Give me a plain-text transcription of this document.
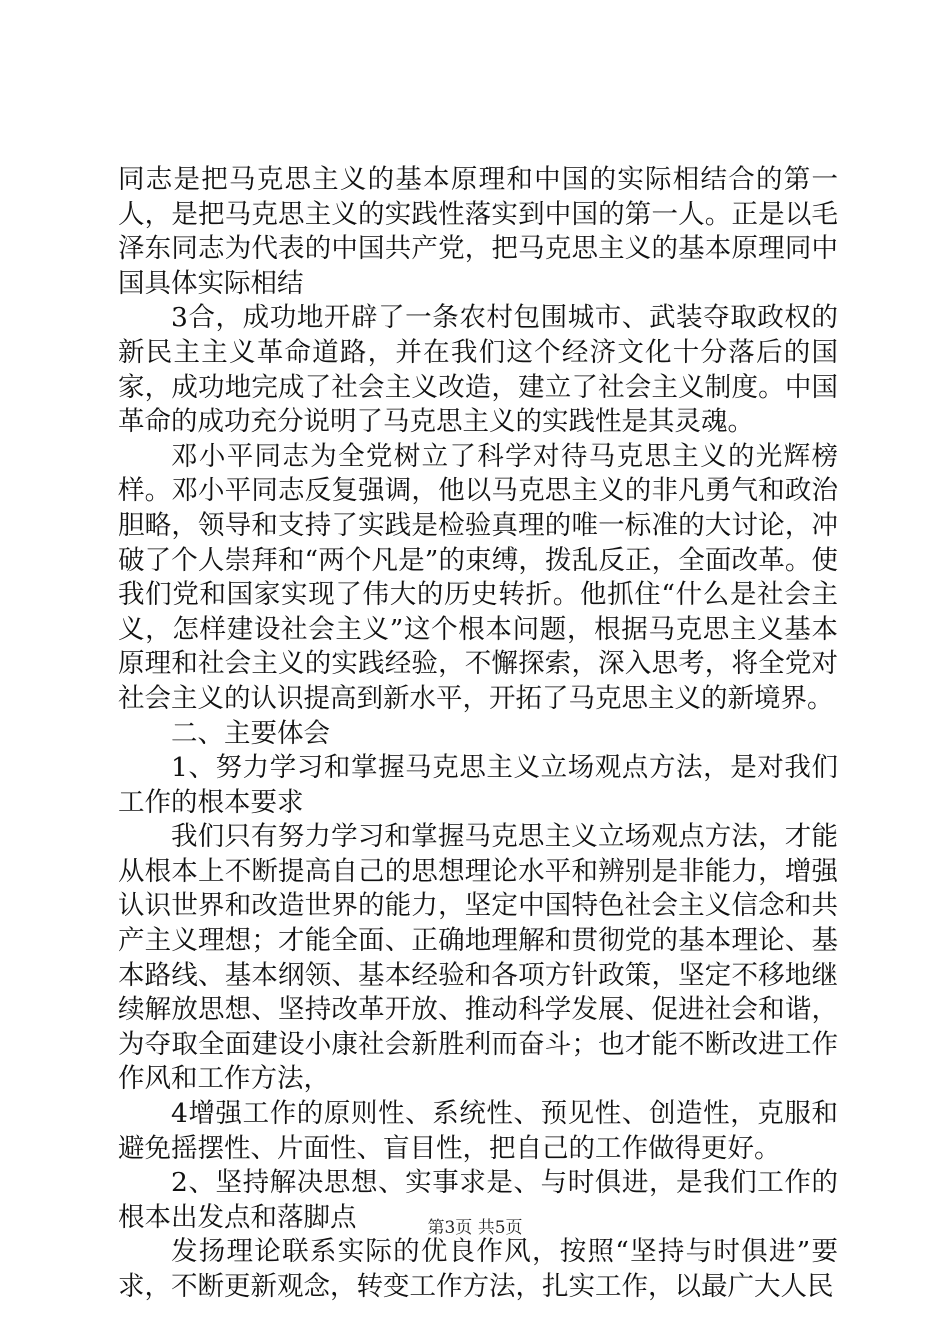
同志是把马克思主义的基本原理和中国的实际相结合的第一人，是把马克思主义的实践性落实到中国的第一人。正是以毛泽东同志为代表的中国共产党，把马克思主义的基本原理同中国具体实际相结

3合，成功地开辟了一条农村包围城市、武装夺取政权的新民主主义革命道路，并在我们这个经济文化十分落后的国家，成功地完成了社会主义改造，建立了社会主义制度。中国革命的成功充分说明了马克思主义的实践性是其灵魂。

邓小平同志为全党树立了科学对待马克思主义的光辉榜样。邓小平同志反复强调，他以马克思主义的非凡勇气和政治胆略，领导和支持了实践是检验真理的唯一标准的大讨论，冲破了个人崇拜和“两个凡是”的束缚，拨乱反正，全面改革。使我们党和国家实现了伟大的历史转折。他抓住“什么是社会主义，怎样建设社会主义”这个根本问题，根据马克思主义基本原理和社会主义的实践经验，不懈探索，深入思考，将全党对社会主义的认识提高到新水平，开拓了马克思主义的新境界。

二、主要体会

1、努力学习和掌握马克思主义立场观点方法，是对我们工作的根本要求

我们只有努力学习和掌握马克思主义立场观点方法，才能从根本上不断提高自己的思想理论水平和辨别是非能力，增强认识世界和改造世界的能力，坚定中国特色社会主义信念和共产主义理想；才能全面、正确地理解和贯彻党的基本理论、基本路线、基本纲领、基本经验和各项方针政策，坚定不移地继续解放思想、坚持改革开放、推动科学发展、促进社会和谐，为夺取全面建设小康社会新胜利而奋斗；也才能不断改进工作作风和工作方法，

4增强工作的原则性、系统性、预见性、创造性，克服和避免摇摆性、片面性、盲目性，把自己的工作做得更好。

2、坚持解决思想、实事求是、与时俱进，是我们工作的根本出发点和落脚点

发扬理论联系实际的优良作风，按照“坚持与时俱进”要求，不断更新观念，转变工作方法，扎实工作，以最广大人民

第3页 共5页
